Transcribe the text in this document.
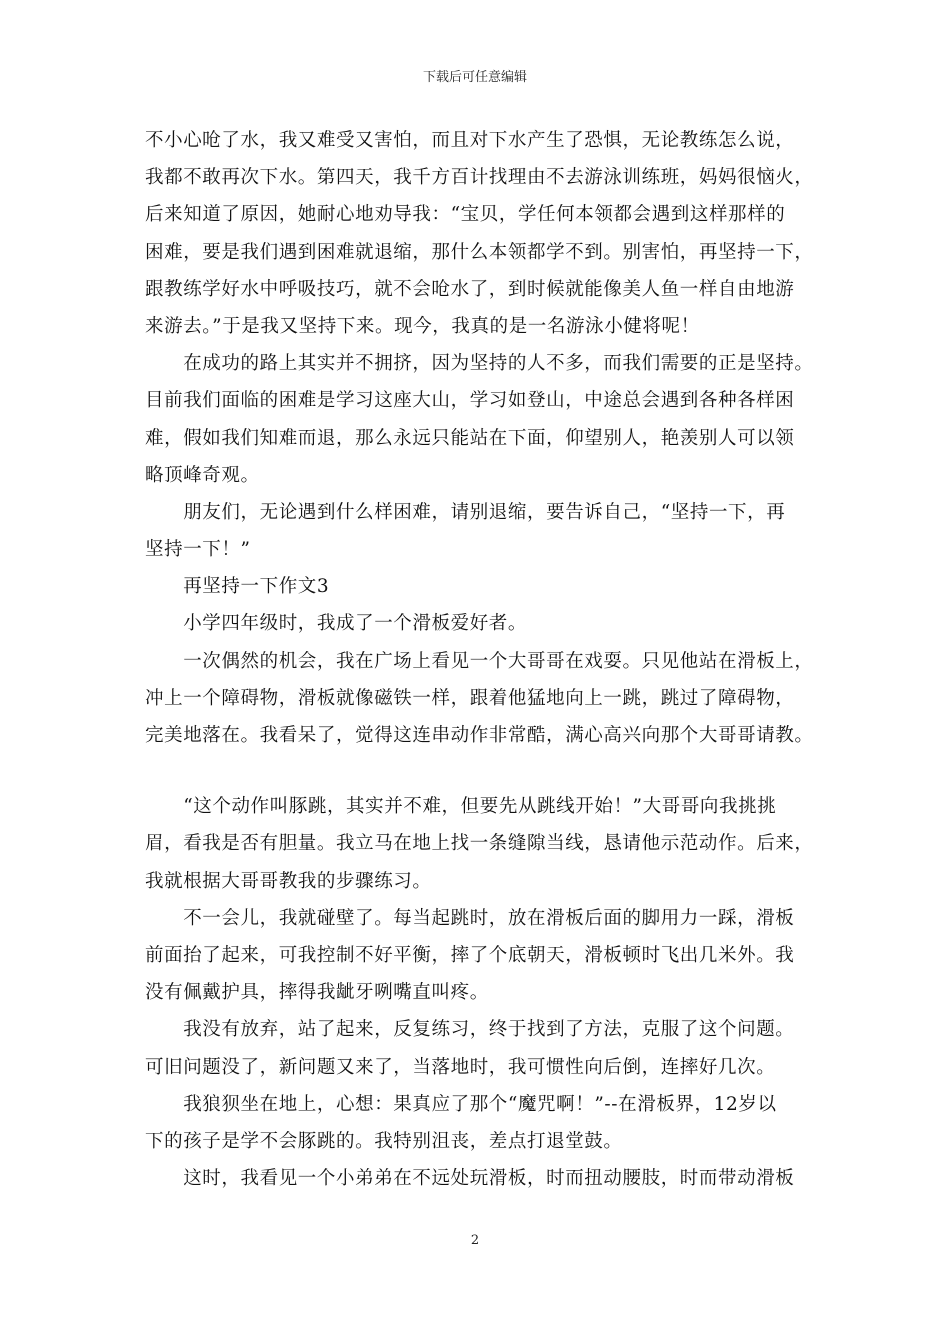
下载后可任意编辑
不小心呛了水，我又难受又害怕，而且对下水产生了恐惧，无论教练怎么说，
我都不敢再次下水。第四天，我千方百计找理由不去游泳训练班，妈妈很恼火，
后来知道了原因，她耐心地劝导我：“宝贝，学任何本领都会遇到这样那样的
困难，要是我们遇到困难就退缩，那什么本领都学不到。别害怕，再坚持一下，
跟教练学好水中呼吸技巧，就不会呛水了，到时候就能像美人鱼一样自由地游
来游去。”于是我又坚持下来。现今，我真的是一名游泳小健将呢！
　　在成功的路上其实并不拥挤，因为坚持的人不多，而我们需要的正是坚持。
目前我们面临的困难是学习这座大山，学习如登山，中途总会遇到各种各样困
难，假如我们知难而退，那么永远只能站在下面，仰望别人，艳羡别人可以领
略顶峰奇观。
　　朋友们，无论遇到什么样困难，请别退缩，要告诉自己，“坚持一下，再
坚持一下！”
　　再坚持一下作文3
　　小学四年级时，我成了一个滑板爱好者。
　　一次偶然的机会，我在广场上看见一个大哥哥在戏耍。只见他站在滑板上，
冲上一个障碍物，滑板就像磁铁一样，跟着他猛地向上一跳，跳过了障碍物，
完美地落在。我看呆了，觉得这连串动作非常酷，满心高兴向那个大哥哥请教。
　　“这个动作叫豚跳，其实并不难，但要先从跳线开始！”大哥哥向我挑挑
眉，看我是否有胆量。我立马在地上找一条缝隙当线，恳请他示范动作。后来，
我就根据大哥哥教我的步骤练习。
　　不一会儿，我就碰壁了。每当起跳时，放在滑板后面的脚用力一踩，滑板
前面抬了起来，可我控制不好平衡，摔了个底朝天，滑板顿时飞出几米外。我
没有佩戴护具，摔得我龇牙咧嘴直叫疼。
　　我没有放弃，站了起来，反复练习，终于找到了方法，克服了这个问题。
可旧问题没了，新问题又来了，当落地时，我可惯性向后倒，连摔好几次。
　　我狼狈坐在地上，心想：果真应了那个“魔咒啊！”--在滑板界，12岁以
下的孩子是学不会豚跳的。我特别沮丧，差点打退堂鼓。
　　这时，我看见一个小弟弟在不远处玩滑板，时而扭动腰肢，时而带动滑板
2
